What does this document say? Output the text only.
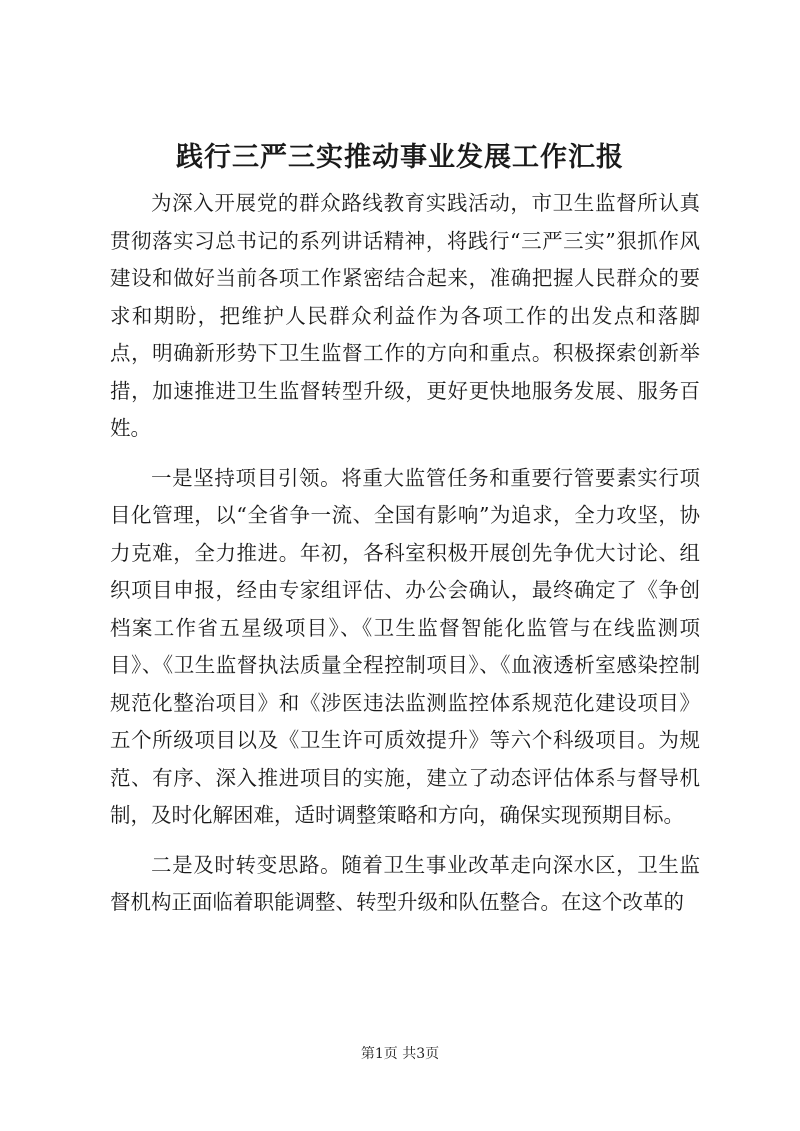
践行三严三实推动事业发展工作汇报

为深入开展党的群众路线教育实践活动，市卫生监督所认真贯彻落实习总书记的系列讲话精神，将践行“三严三实”狠抓作风建设和做好当前各项工作紧密结合起来，准确把握人民群众的要求和期盼，把维护人民群众利益作为各项工作的出发点和落脚点，明确新形势下卫生监督工作的方向和重点。积极探索创新举措，加速推进卫生监督转型升级，更好更快地服务发展、服务百姓。

一是坚持项目引领。将重大监管任务和重要行管要素实行项目化管理，以“全省争一流、全国有影响”为追求，全力攻坚，协力克难，全力推进。年初，各科室积极开展创先争优大讨论、组织项目申报，经由专家组评估、办公会确认，最终确定了《争创档案工作省五星级项目》、《卫生监督智能化监管与在线监测项目》、《卫生监督执法质量全程控制项目》、《血液透析室感染控制规范化整治项目》和《涉医违法监测监控体系规范化建设项目》五个所级项目以及《卫生许可质效提升》等六个科级项目。为规范、有序、深入推进项目的实施，建立了动态评估体系与督导机制，及时化解困难，适时调整策略和方向，确保实现预期目标。

二是及时转变思路。随着卫生事业改革走向深水区，卫生监督机构正面临着职能调整、转型升级和队伍整合。在这个改革的

第1页 共3页
